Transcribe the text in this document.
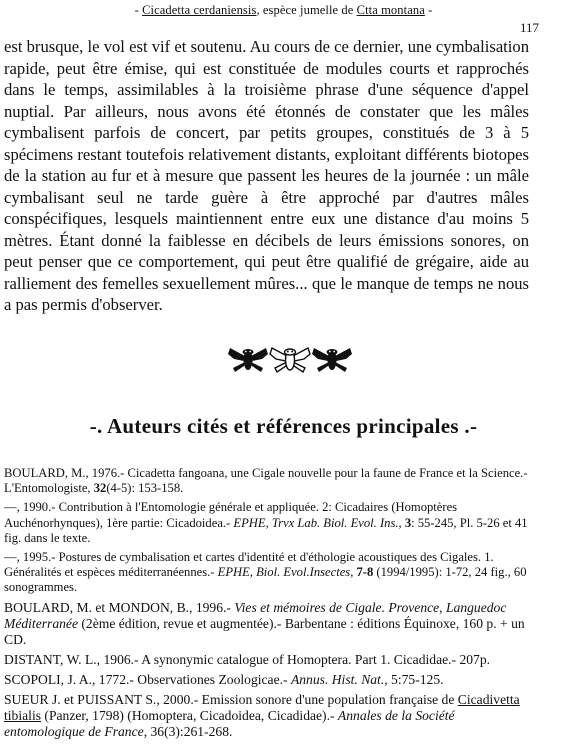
- Cicadetta cerdaniensis, espèce jumelle de Ctta montana -
117

est brusque, le vol est vif et soutenu. Au cours de ce dernier, une cymbalisation rapide, peut être émise, qui est constituée de modules courts et rapprochés dans le temps, assimilables à la troisième phrase d'une séquence d'appel nuptial. Par ailleurs, nous avons été étonnés de constater que les mâles cymbalisent parfois de concert, par petits groupes, constitués de 3 à 5 spécimens restant toutefois relativement distants, exploitant différents biotopes de la station au fur et à mesure que passent les heures de la journée : un mâle cymbalisant seul ne tarde guère à être approché par d'autres mâles conspécifiques, lesquels maintiennent entre eux une distance d'au moins 5 mètres. Étant donné la faiblesse en décibels de leurs émissions sonores, on peut penser que ce comportement, qui peut être qualifié de grégaire, aide au ralliement des femelles sexuellement mûres... que le manque de temps ne nous a pas permis d'observer.

-. Auteurs cités et références principales .-

BOULARD, M., 1976.- Cicadetta fangoana, une Cigale nouvelle pour la faune de France et la Science.- L'Entomologiste, 32(4-5): 153-158.

—, 1990.- Contribution à l'Entomologie générale et appliquée. 2: Cicadaires (Homoptères Auchénorhynques), 1ère partie: Cicadoidea.- EPHE, Trvx Lab. Biol. Evol. Ins., 3: 55-245, Pl. 5-26 et 41 fig. dans le texte.

—, 1995.- Postures de cymbalisation et cartes d'identité et d'éthologie acoustiques des Cigales. 1. Généralités et espèces méditerranéennes.- EPHE, Biol. Evol.Insectes, 7-8 (1994/1995): 1-72, 24 fig., 60 sonogrammes.

BOULARD, M. et MONDON, B., 1996.- Vies et mémoires de Cigale. Provence, Languedoc Méditerranée (2ème édition, revue et augmentée).- Barbentane : éditions Équinoxe, 160 p. + un CD.

DISTANT, W. L., 1906.- A synonymic catalogue of Homoptera. Part 1. Cicadidae.- 207p.

SCOPOLI, J. A., 1772.- Observationes Zoologicae.- Annus. Hist. Nat., 5:75-125.

SUEUR J. et PUISSANT S., 2000.- Emission sonore d'une population française de Cicadivetta tibialis (Panzer, 1798) (Homoptera, Cicadoidea, Cicadidae).- Annales de la Société entomologique de France, 36(3):261-268.
